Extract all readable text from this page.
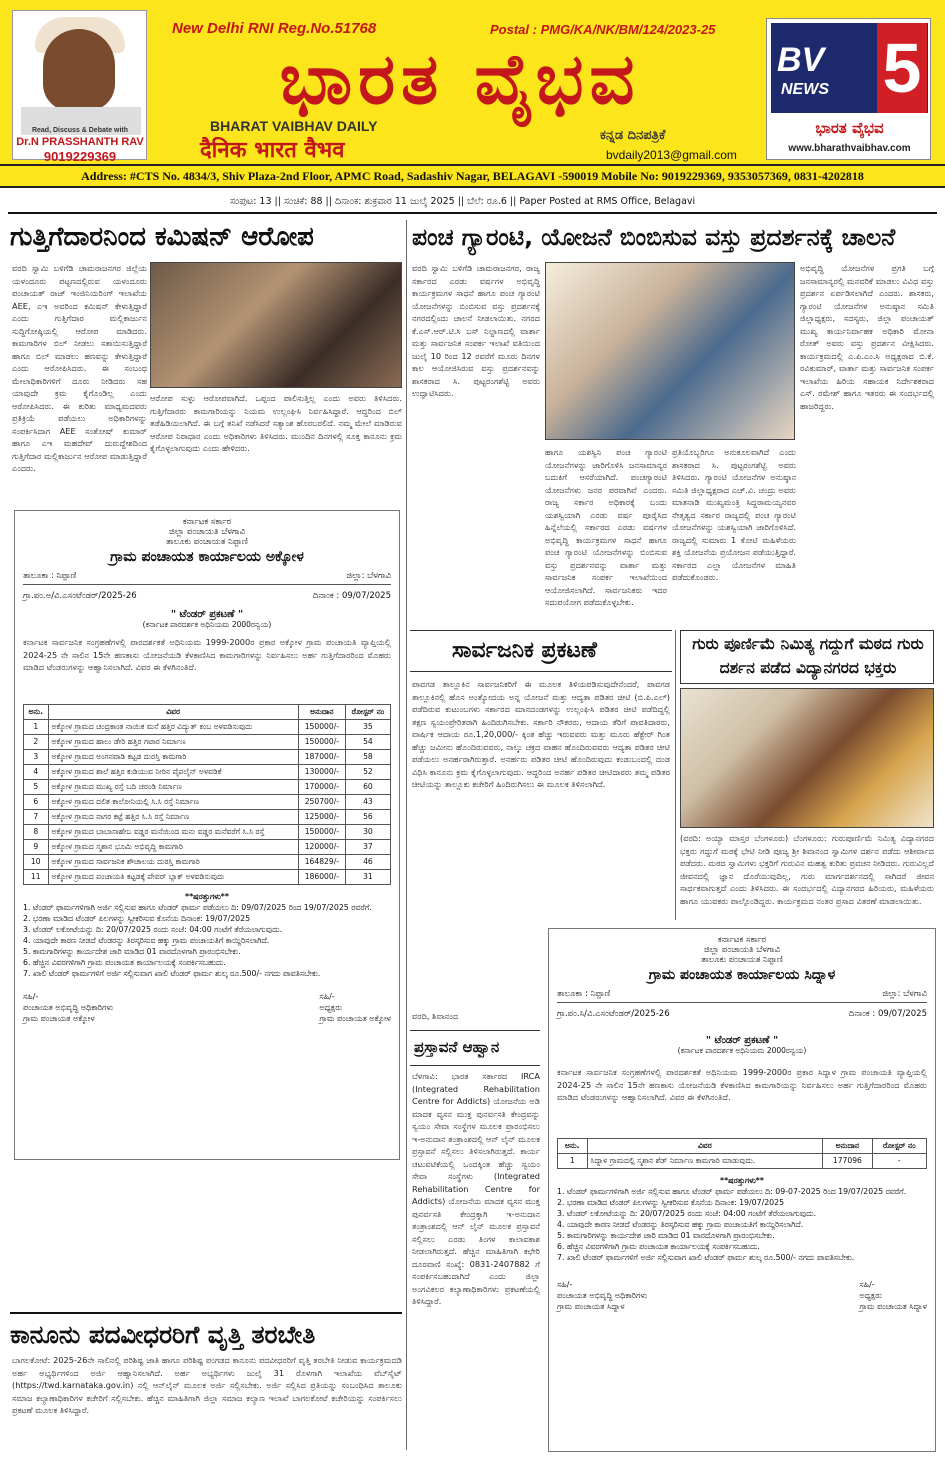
Read, Discuss & Debate with
Dr.N PRASSHANTH RAV
9019229369
New Delhi RNI Reg.No.51768	Postal : PMG/KA/NK/BM/124/2023-25
ಭಾರತ ವೈಭವ
BHARAT VAIBHAV DAILY
दैनिक भारत वैभव
ಕನ್ನಡ ದಿನಪತ್ರಿಕೆ
bvdaily2013@gmail.com
BV
NEWS 5
ಭಾರತ ವೈಭವ
www.bharathvaibhav.com
Address: #CTS No. 4834/3, Shiv Plaza-2nd Floor, APMC Road, Sadashiv Nagar, BELAGAVI -590019 Mobile No: 9019229369, 9353057369, 0831-4202818
ಸಂಪುಟ: 13 || ಸಂಚಿಕೆ: 88 || ದಿನಾಂಕ: ಶುಕ್ರವಾರ 11 ಜುಲೈ 2025 || ಬೆಲೆ: ರೂ.6 || Paper Posted at RMS Office, Belagavi
ಗುತ್ತಿಗೆದಾರನಿಂದ ಕಮಿಷನ್ ಆರೋಪ
ವರದಿ ಸ್ವಾಮಿ ಬಳಿಗೆಡಿ ಚಾಮರಾಜನಗರ ಜಿಲ್ಲೆಯ ಯಳಂದೂರು ಪಟ್ಟಣದಲ್ಲಿರುವ ಯಳಂದೂರು ಪಂಚಾಯತ್ ರಾಜ್ ಇಂಜಿನಿಯರಿಂಗ್ ಇಲಾಖೆಯ AEE, ಎಇ ಅವರಿಂದ ಕಮಿಷನ್ ಕೇಳುತ್ತಿದ್ದಾರೆ ಎಂದು ಗುತ್ತಿಗೆದಾರ ಮಲ್ಲಿಕಾರ್ಜುನ ಸುದ್ದಿಗೋಷ್ಠಿಯಲ್ಲಿ ಆರೋಪ ಮಾಡಿದರು. ಕಾಮಗಾರಿಗಳ ಬಿಲ್ ನೀಡಲು ಸತಾಯಿಸುತ್ತಿದ್ದಾರೆ ಹಾಗೂ ಬಿಲ್ ಮಾಡಲು ಹಣವನ್ನು ಕೇಳುತ್ತಿದ್ದಾರೆ ಎಂದು ಆರೋಪಿಸಿದರು. ಈ ಸಂಬಂಧ ಮೇಲಾಧಿಕಾರಿಗಳಿಗೆ ದೂರು ನೀಡಿದರು ಸಹ ಯಾವುದೇ ಕ್ರಮ ಕೈಗೊಂಡಿಲ್ಲ ಎಂದು ಆರೋಪಿಸಿದರು. ಈ ಕುರಿತು ಮಾಧ್ಯಮದವರು ಪ್ರತಿಕ್ರಿಯೆ ಪಡೆಯಲು ಅಧಿಕಾರಿಗಳನ್ನು ಸಂಪರ್ಕಿಸಿದಾಗ AEE ಸಂತೋಷ್ ಕುಮಾರ್ ಹಾಗೂ ಎಇ ಮಹದೇವ್ ದುರುದ್ದೇಶದಿಂದ ಗುತ್ತಿಗೆದಾರ ಮಲ್ಲಿಕಾರ್ಜುನ ಆರೋಪ ಮಾಡುತ್ತಿದ್ದಾರೆ ಎಂದರು.
ಆರೋಪ ಸುಳ್ಳು ಆರೋಪವಾಗಿದೆ. ಒಪ್ಪಂದ ಪಾಲಿಸುತ್ತಿಲ್ಲ ಎಂದು ಅವರು ತಿಳಿಸಿದರು. ಗುತ್ತಿಗೆದಾರರು ಕಾಮಗಾರಿಯನ್ನು ನಿಯಮ ಉಲ್ಲಂಘಿಸಿ ನಿರ್ವಹಿಸಿದ್ದಾರೆ. ಆದ್ದರಿಂದ ಬಿಲ್ ತಡೆಹಿಡಿಯಲಾಗಿದೆ. ಈ ಬಗ್ಗೆ ತನಿಖೆ ನಡೆಸಿದರೆ ಸತ್ಯಾಂಶ ಹೊರಬರಲಿದೆ. ನಮ್ಮ ಮೇಲೆ ಮಾಡಿರುವ ಆರೋಪ ನಿರಾಧಾರ ಎಂದು ಅಧಿಕಾರಿಗಳು ತಿಳಿಸಿದರು. ಮುಂದಿನ ದಿನಗಳಲ್ಲಿ ಸೂಕ್ತ ಕಾನೂನು ಕ್ರಮ ಕೈಗೊಳ್ಳಲಾಗುವುದು ಎಂದು ಹೇಳಿದರು.
ಪಂಚ ಗ್ಯಾರಂಟಿ, ಯೋಜನೆ ಬಿಂಬಿಸುವ ವಸ್ತು ಪ್ರದರ್ಶನಕ್ಕೆ ಚಾಲನೆ
ವರದಿ ಸ್ವಾಮಿ ಬಳಿಗೆಡಿ ಚಾಮರಾಜನಗರ, ರಾಜ್ಯ ಸರ್ಕಾರದ ಎರಡು ವರ್ಷಗಳ ಅಭಿವೃದ್ಧಿ ಕಾರ್ಯಕ್ರಮಗಳ ಸಾಧನೆ ಹಾಗೂ ಪಂಚ ಗ್ಯಾರಂಟಿ ಯೋಜನೆಗಳನ್ನು ಬಿಂಬಿಸುವ ವಸ್ತು ಪ್ರದರ್ಶನಕ್ಕೆ ನಗರದಲ್ಲಿಂದು ಚಾಲನೆ ನೀಡಲಾಯಿತು. ನಗರದ ಕೆ.ಎಸ್.ಆರ್.ಟಿ.ಸಿ ಬಸ್ ನಿಲ್ದಾಣದಲ್ಲಿ ವಾರ್ತಾ ಮತ್ತು ಸಾರ್ವಜನಿಕ ಸಂಪರ್ಕ ಇಲಾಖೆ ವತಿಯಿಂದ ಜುಲೈ 10 ರಿಂದ 12 ರವರೆಗೆ ಮೂರು ದಿನಗಳ ಕಾಲ ಆಯೋಜಿಸಿರುವ ವಸ್ತು ಪ್ರದರ್ಶನವನ್ನು ಶಾಸಕರಾದ ಸಿ. ಪುಟ್ಟರಂಗಶೆಟ್ಟಿ ಅವರು ಉದ್ಘಾಟಿಸಿದರು.
ಹಾಗೂ ಯಶಸ್ವಿನಿ ಪಂಚ ಗ್ಯಾರಂಟಿ ಯೋಜನೆಗಳನ್ನು ಜಾರಿಗೊಳಿಸಿ ಜನಸಾಮಾನ್ಯರ ಬದುಕಿಗೆ ಆಸರೆಯಾಗಿದೆ. ಪಂಚಗ್ಯಾರಂಟಿ ಯೋಜನೆಗಳು ಜನರ ಪರವಾಗಿವೆ ಎಂದರು. ರಾಜ್ಯ ಸರ್ಕಾರ ಅಧಿಕಾರಕ್ಕೆ ಬಂದು ಯಶಸ್ವಿಯಾಗಿ ಎರಡು ವರ್ಷ ಪೂರೈಸಿದ ಹಿನ್ನೆಲೆಯಲ್ಲಿ ಸರ್ಕಾರದ ಎರಡು ವರ್ಷಗಳ ಅಭಿವೃದ್ಧಿ ಕಾರ್ಯಕ್ರಮಗಳ ಸಾಧನೆ ಹಾಗೂ ಪಂಚ ಗ್ಯಾರಂಟಿ ಯೋಜನೆಗಳನ್ನು ಬಿಂಬಿಸುವ ವಸ್ತು ಪ್ರದರ್ಶನವನ್ನು ವಾರ್ತಾ ಮತ್ತು ಸಾರ್ವಜನಿಕ ಸಂಪರ್ಕ ಇಲಾಖೆಯಿಂದ ಆಯೋಜಿಸಲಾಗಿದೆ. ಸಾರ್ವಜನಿಕರು ಇದರ ಸದುಪಯೋಗ ಪಡೆದುಕೊಳ್ಳಬೇಕು.
ಪ್ರತಿಯೊಬ್ಬರಿಗೂ ಅನುಕೂಲವಾಗಿದೆ ಎಂದು ಶಾಸಕರಾದ ಸಿ. ಪುಟ್ಟರಂಗಶೆಟ್ಟಿ ಅವರು ತಿಳಿಸಿದರು. ಗ್ಯಾರಂಟಿ ಯೋಜನೆಗಳ ಅನುಷ್ಠಾನ ಸಮಿತಿ ಜಿಲ್ಲಾಧ್ಯಕ್ಷರಾದ ಎಚ್.ವಿ. ಚಂದ್ರು ಅವರು ಮಾತನಾಡಿ ಮುಖ್ಯಮಂತ್ರಿ ಸಿದ್ದರಾಮಯ್ಯನವರ ನೇತೃತ್ವದ ಸರ್ಕಾರ ರಾಜ್ಯದಲ್ಲಿ ಪಂಚ ಗ್ಯಾರಂಟಿ ಯೋಜನೆಗಳನ್ನು ಯಶಸ್ವಿಯಾಗಿ ಜಾರಿಗೊಳಿಸಿದೆ. ರಾಜ್ಯದಲ್ಲಿ ಸುಮಾರು 1 ಕೋಟಿ ಮಹಿಳೆಯರು ಶಕ್ತಿ ಯೋಜನೆಯ ಪ್ರಯೋಜನ ಪಡೆಯುತ್ತಿದ್ದಾರೆ. ಸರ್ಕಾರದ ಎಲ್ಲಾ ಯೋಜನೆಗಳ ಮಾಹಿತಿ ಪಡೆದುಕೊಂಡರು.
ಅಭಿವೃದ್ಧಿ ಯೋಜನೆಗಳ ಪ್ರಗತಿ ಬಗ್ಗೆ ಜನಸಾಮಾನ್ಯರಲ್ಲಿ ಮನವರಿಕೆ ಮಾಡಲು ವಿವಿಧ ವಸ್ತು ಪ್ರದರ್ಶನ ಏರ್ಪಡಿಸಲಾಗಿದೆ ಎಂದರು. ಶಾಸಕರು, ಗ್ಯಾರಂಟಿ ಯೋಜನೆಗಳ ಅನುಷ್ಠಾನ ಸಮಿತಿ ಜಿಲ್ಲಾಧ್ಯಕ್ಷರು, ಸದಸ್ಯರು, ಜಿಲ್ಲಾ ಪಂಚಾಯತ್ ಮುಖ್ಯ ಕಾರ್ಯನಿರ್ವಾಹಕ ಅಧಿಕಾರಿ ಮೋನಾ ರೋತ್ ಅವರು ವಸ್ತು ಪ್ರದರ್ಶನ ವೀಕ್ಷಿಸಿದರು. ಕಾರ್ಯಕ್ರಮದಲ್ಲಿ ಎ.ಪಿ.ಎಂ.ಸಿ ಅಧ್ಯಕ್ಷರಾದ ಬಿ.ಕೆ. ರವಿಕುಮಾರ್, ವಾರ್ತಾ ಮತ್ತು ಸಾರ್ವಜನಿಕ ಸಂಪರ್ಕ ಇಲಾಖೆಯ ಹಿರಿಯ ಸಹಾಯಕ ನಿರ್ದೇಶಕರಾದ ಎಸ್. ರಮೇಶ್ ಹಾಗೂ ಇತರರು ಈ ಸಂದರ್ಭದಲ್ಲಿ ಹಾಜರಿದ್ದರು.
ಕರ್ನಾಟಕ ಸರ್ಕಾರ
ಜಿಲ್ಲಾ ಪಂಚಾಯತಿ ಬೆಳಗಾವಿ
ತಾಲೂಕು ಪಂಚಾಯತ ನಿಪ್ಪಾಣಿ
ಗ್ರಾಮ ಪಂಚಾಯತ ಕಾರ್ಯಾಲಯ ಅಕ್ಕೋಳ
ತಾಲೂಕಾ : ನಿಪ್ಪಾಣಿ	ಜಿಲ್ಲಾ: ಬೆಳಗಾವಿ
ಗ್ರಾ.ಪಂ.ಅ/ವಿ.ಎಸಂಟೆಂಡರ್/2025-26	ದಿನಾಂಕ : 09/07/2025
" ಟೆಂಡರ್ ಪ್ರಕಟಣೆ "
(ಕರ್ನಾಟಕ ಪಾರದರ್ಶಕ ಅಧಿನಿಯಮ 2000ರನ್ವಯ)
ಕರ್ನಾಟಕ ಸಾರ್ವಜನಿಕ ಸಂಗ್ರಹಣೆಗಳಲ್ಲಿ ಪಾರದರ್ಶಕತೆ ಅಧಿನಿಯಮ 1999-2000ರ ಪ್ರಕಾರ ಅಕ್ಕೋಳ ಗ್ರಾಮ ಪಂಚಾಯತಿ ವ್ಯಾಪ್ತಿಯಲ್ಲಿ 2024-25 ನೇ ಸಾಲಿನ 15ನೇ ಹಣಕಾಸು ಯೋಜನೆಯಡಿ ಕೆಳಕಾಣಿಸಿದ ಕಾಮಗಾರಿಗಳನ್ನು ನಿರ್ವಹಿಸಲು ಅರ್ಹ ಗುತ್ತಿಗೆದಾರರಿಂದ ಮೊಹರು ಮಾಡಿದ ಟೆಂಡರುಗಳನ್ನು ಆಹ್ವಾನಿಸಲಾಗಿದೆ. ವಿವರ ಈ ಕೆಳಗಿನಂತಿದೆ.
ಅನು.	ವಿವರ	ಅನುದಾನ	ರೋಸ್ಟರ್ ನಂ
1	ಅಕ್ಕೋಳ ಗ್ರಾಮದ ಚಂದ್ರಕಾಂತ ನಾಯಿಕ ಮನೆ ಹತ್ತಿರ ವಿದ್ಯುತ್ ಕಂಬ ಅಳವಡಿಸುವುದು	150000/-	35
2	ಅಕ್ಕೋಳ ಗ್ರಾಮದ ಹಾಲು ಡೇರಿ ಹತ್ತಿರ ಗಟಾರ ನಿರ್ಮಾಣ	150000/-	54
3	ಅಕ್ಕೋಳ ಗ್ರಾಮದ ಅಂಗನವಾಡಿ ಕಟ್ಟಡ ದುರಸ್ತಿ ಕಾಮಗಾರಿ	187000/-	58
4	ಅಕ್ಕೋಳ ಗ್ರಾಮದ ಶಾಲೆ ಹತ್ತಿರ ಕುಡಿಯುವ ನೀರಿನ ಪೈಪಲೈನ್ ಅಳವಡಿಕೆ	130000/-	52
5	ಅಕ್ಕೋಳ ಗ್ರಾಮದ ಮುಖ್ಯ ರಸ್ತೆ ಬದಿ ಚರಂಡಿ ನಿರ್ಮಾಣ	170000/-	60
6	ಅಕ್ಕೋಳ ಗ್ರಾಮದ ದಲಿತ ಕಾಲೋನಿಯಲ್ಲಿ ಸಿ.ಸಿ ರಸ್ತೆ ನಿರ್ಮಾಣ	250700/-	43
7	ಅಕ್ಕೋಳ ಗ್ರಾಮದ ನಾಗರ ಕಟ್ಟೆ ಹತ್ತಿರ ಸಿ.ಸಿ ರಸ್ತೆ ನಿರ್ಮಾಣ	125000/-	56
8	ಅಕ್ಕೋಳ ಗ್ರಾಮದ ಬಾಬಾಸಾಹೇಬ ವಡ್ಡರ ಮನೆಯಿಂದ ಮನು ವಡ್ಡರ ಮನೆವರೆಗೆ ಸಿ.ಸಿ ರಸ್ತೆ	150000/-	30
9	ಅಕ್ಕೋಳ ಗ್ರಾಮದ ಸ್ಮಶಾನ ಭೂಮಿ ಅಭಿವೃದ್ಧಿ ಕಾಮಗಾರಿ	120000/-	37
10	ಅಕ್ಕೋಳ ಗ್ರಾಮದ ಸಾರ್ವಜನಿಕ ಶೌಚಾಲಯ ದುರಸ್ತಿ ಕಾಮಗಾರಿ	164829/-	46
11	ಅಕ್ಕೋಳ ಗ್ರಾಮದ ಪಂಚಾಯತಿ ಕಟ್ಟಡಕ್ಕೆ ಪೇವರ್ ಬ್ಲಾಕ್ ಅಳವಡಿಸುವುದು	186000/-	31
**ಷರತ್ತುಗಳು**
1. ಟೆಂಡರ್ ಫಾರ್ಮಗಳಿಗಾಗಿ ಅರ್ಜಿ ಸಲ್ಲಿಸುವ ಹಾಗೂ ಟೆಂಡರ್ ಫಾರ್ಮ ಪಡೆಯಲು ದಿ: 09/07/2025 ರಿಂದ 19/07/2025 ರವರೆಗೆ.
2. ಭರಣಾ ಮಾಡಿದ ಟೆಂಡರ್ ಪಿಲಗಳನ್ನು ಸ್ವೀಕರಿಸುವ ಕೊನೆಯ ದಿನಾಂಕ: 19/07/2025
3. ಟೆಂಡರ್ ಲಕೋಟೆಯನ್ನು ದಿ: 20/07/2025 ರಂದು ಸಂಜೆ: 04:00 ಗಂಟೆಗೆ ತೆರೆಯಲಾಗುವುದು.
4. ಯಾವುದೇ ಕಾರಣ ನೀಡದೆ ಟೆಂಡರನ್ನು ತಿರಸ್ಕರಿಸುವ ಹಕ್ಕು ಗ್ರಾಮ ಪಂಚಾಯತಿಗೆ ಕಾಯ್ದಿರಿಸಲಾಗಿದೆ.
5. ಕಾಮಗಾರಿಗಳನ್ನು ಕಾರ್ಯದೇಶ ಜಾರಿ ಮಾಡಿದ 01 ವಾರದೊಳಗಾಗಿ ಪ್ರಾರಂಭಿಸಬೇಕು.
6. ಹೆಚ್ಚಿನ ವಿವರಗಳಿಗಾಗಿ ಗ್ರಾಮ ಪಂಚಾಯತ ಕಾರ್ಯಾಲಯಕ್ಕೆ ಸಂಪರ್ಕಿಸಬಹುದು.
7. ಖಾಲಿ ಟೆಂಡರ್ ಫಾರ್ಮಗಳಿಗೆ ಅರ್ಜಿ ಸಲ್ಲಿಸುವಾಗ ಖಾಲಿ ಟೆಂಡರ್ ಫಾರ್ಮ ಶುಲ್ಕ ರೂ.500/- ನಗದು ಪಾವತಿಸಬೇಕು.
ಸಹಿ/-
ಪಂಚಾಯತ ಅಭಿವೃದ್ಧಿ ಅಧಿಕಾರಿಗಳು
ಗ್ರಾಮ ಪಂಚಾಯತ ಅಕ್ಕೋಳ
ಸಹಿ/-
ಅಧ್ಯಕ್ಷರು
ಗ್ರಾಮ ಪಂಚಾಯತ ಅಕ್ಕೋಳ
ಕಾನೂನು ಪದವೀಧರರಿಗೆ ವೃತ್ತಿ ತರಬೇತಿ
ಬಾಗಲಕೋಟೆ: 2025-26ನೇ ಸಾಲಿನಲ್ಲಿ ಪರಿಶಿಷ್ಟ ಜಾತಿ ಹಾಗೂ ಪರಿಶಿಷ್ಟ ಪಂಗಡದ ಕಾನೂನು ಪದವೀಧರರಿಗೆ ವೃತ್ತಿ ತರಬೇತಿ ನೀಡುವ ಕಾರ್ಯಕ್ರಮದಡಿ ಅರ್ಹ ಅಭ್ಯರ್ಥಿಗಳಿಂದ ಅರ್ಜಿ ಆಹ್ವಾನಿಸಲಾಗಿದೆ. ಅರ್ಹ ಅಭ್ಯರ್ಥಿಗಳು ಜುಲೈ 31 ರೊಳಗಾಗಿ ಇಲಾಖೆಯ ವೆಬ್‌ಸೈಟ್ (https://twd.karnataka.gov.in) ನಲ್ಲಿ ಆನ್‌ಲೈನ್ ಮೂಲಕ ಅರ್ಜಿ ಸಲ್ಲಿಸಬೇಕು. ಅರ್ಜಿ ಸಲ್ಲಿಸಿದ ಪ್ರತಿಯನ್ನು ಸಂಬಂಧಿಸಿದ ತಾಲೂಕು ಸಮಾಜ ಕಲ್ಯಾಣಾಧಿಕಾರಿಗಳ ಕಚೇರಿಗೆ ಸಲ್ಲಿಸಬೇಕು. ಹೆಚ್ಚಿನ ಮಾಹಿತಿಗಾಗಿ ಜಿಲ್ಲಾ ಸಮಾಜ ಕಲ್ಯಾಣ ಇಲಾಖೆ ಬಾಗಲಕೋಟೆ ಕಚೇರಿಯನ್ನು ಸಂಪರ್ಕಿಸಲು ಪ್ರಕಟಣೆ ಮೂಲಕ ತಿಳಿಸಿದ್ದಾರೆ.
ಸಾರ್ವಜನಿಕ ಪ್ರಕಟಣೆ
ಪಾವಗಡ ತಾಲ್ಲೂಕಿನ ಸಾರ್ವಜನಿಕರಿಗೆ ಈ ಮೂಲಕ ತಿಳಿಯಪಡಿಸುವುದೇನೆಂದರೆ, ಪಾವಗಡ ತಾಲ್ಲೂಕಿನಲ್ಲಿ ಹೊಸ ಅಂತ್ಯೋದಯ ಅನ್ನ ಯೋಜನೆ ಮತ್ತು ಆದ್ಯತಾ ಪಡಿತರ ಚೀಟಿ (ಬಿ.ಪಿ.ಎಲ್) ಪಡೆದಿರುವ ಕುಟುಂಬಗಳು ಸರ್ಕಾರದ ಮಾನದಂಡಗಳನ್ನು ಉಲ್ಲಂಘಿಸಿ ಪಡಿತರ ಚೀಟಿ ಪಡೆದಿದ್ದಲ್ಲಿ ತಕ್ಷಣ ಸ್ವಯಂಪ್ರೇರಿತರಾಗಿ ಹಿಂದಿರುಗಿಸಬೇಕು. ಸರ್ಕಾರಿ ನೌಕರರು, ಆದಾಯ ತೆರಿಗೆ ಪಾವತಿದಾರರು, ವಾರ್ಷಿಕ ಆದಾಯ ರೂ.1,20,000/- ಕ್ಕಿಂತ ಹೆಚ್ಚು ಇರುವವರು ಮತ್ತು ಮೂರು ಹೆಕ್ಟೇರ್ ಗಿಂತ ಹೆಚ್ಚು ಜಮೀನು ಹೊಂದಿರುವವರು, ನಾಲ್ಕು ಚಕ್ರದ ವಾಹನ ಹೊಂದಿರುವವರು ಆದ್ಯತಾ ಪಡಿತರ ಚೀಟಿ ಪಡೆಯಲು ಅನರ್ಹರಾಗಿರುತ್ತಾರೆ. ಅನರ್ಹರು ಪಡಿತರ ಚೀಟಿ ಹೊಂದಿರುವುದು ಕಂಡುಬಂದಲ್ಲಿ ದಂಡ ವಿಧಿಸಿ ಕಾನೂನು ಕ್ರಮ ಕೈಗೊಳ್ಳಲಾಗುವುದು. ಆದ್ದರಿಂದ ಅನರ್ಹ ಪಡಿತರ ಚೀಟಿದಾರರು ತಮ್ಮ ಪಡಿತರ ಚೀಟಿಯನ್ನು ತಾಲ್ಲೂಕು ಕಚೇರಿಗೆ ಹಿಂದಿರುಗಿಸಲು ಈ ಮೂಲಕ ತಿಳಿಸಲಾಗಿದೆ.
ವರದಿ, ಶಿವಾನಂದ
ಗುರು ಪೂರ್ಣಿಮೆ ನಿಮಿತ್ಯ ಗದ್ದುಗೆ ಮಠದ ಗುರು ದರ್ಶನ ಪಡೆದ ವಿದ್ಯಾನಗರದ ಭಕ್ತರು
(ವರದಿ: ಅಯ್ಯಾ ಮಾಸ್ತರ ಬೆಂಗಳೂರು) ಬೆಂಗಳೂರು: ಗುರುಪೂರ್ಣಿಮೆ ನಿಮಿತ್ಯ ವಿದ್ಯಾನಗರದ ಭಕ್ತರು ಗದ್ದುಗೆ ಮಠಕ್ಕೆ ಭೇಟಿ ನೀಡಿ ಪೂಜ್ಯ ಶ್ರೀ ಶಿವಾನಂದ ಸ್ವಾಮಿಗಳ ದರ್ಶನ ಪಡೆದು ಆಶೀರ್ವಾದ ಪಡೆದರು. ಮಠದ ಸ್ವಾಮಿಗಳು ಭಕ್ತರಿಗೆ ಗುರುವಿನ ಮಹತ್ವ ಕುರಿತು ಪ್ರವಚನ ನೀಡಿದರು. ಗುರುವಿಲ್ಲದೆ ಜೀವನದಲ್ಲಿ ಜ್ಞಾನ ದೊರೆಯುವುದಿಲ್ಲ, ಗುರು ಮಾರ್ಗದರ್ಶನದಲ್ಲಿ ಸಾಗಿದರೆ ಜೀವನ ಸಾರ್ಥಕವಾಗುತ್ತದೆ ಎಂದು ತಿಳಿಸಿದರು. ಈ ಸಂದರ್ಭದಲ್ಲಿ ವಿದ್ಯಾನಗರದ ಹಿರಿಯರು, ಮಹಿಳೆಯರು ಹಾಗೂ ಯುವಕರು ಪಾಲ್ಗೊಂಡಿದ್ದರು. ಕಾರ್ಯಕ್ರಮದ ನಂತರ ಪ್ರಸಾದ ವಿತರಣೆ ಮಾಡಲಾಯಿತು.
ಪ್ರಸ್ತಾವನೆ ಆಹ್ವಾನ
ಬೆಳಗಾವಿ: ಭಾರತ ಸರ್ಕಾರದ IRCA (Integrated Rehabilitation Centre for Addicts) ಯೋಜನೆಯ ಅಡಿ ಮಾದಕ ವ್ಯಸನ ಮುಕ್ತ ಪುನರ್ವಸತಿ ಕೇಂದ್ರವನ್ನು ಸ್ವಯಂ ಸೇವಾ ಸಂಸ್ಥೆಗಳ ಮೂಲಕ ಪ್ರಾರಂಭಿಸಲು ಇ-ಅನುದಾನ ತಂತ್ರಾಂಶದಲ್ಲಿ ಆನ್ ಲೈನ್ ಮೂಲಕ ಪ್ರಸ್ತಾವನೆ ಸಲ್ಲಿಸಲು ತಿಳಿಸಲಾಗಿರುತ್ತದೆ. ಕಾರ್ಯ ಚಟುವಟಿಕೆಯಲ್ಲಿ ಒಂದಕ್ಕಿಂತ ಹೆಚ್ಚು ಸ್ವಯಂ ಸೇವಾ ಸಂಸ್ಥೆಗಳು (Integrated Rehabilitation Centre for Addicts) ಯೋಜನೆಯ ಮಾದಕ ವ್ಯಸನ ಮುಕ್ತ ಪುನರ್ವಸತಿ ಕೇಂದ್ರಕ್ಕಾಗಿ ಇ-ಅನುದಾನ ತಂತ್ರಾಂಶದಲ್ಲಿ ಆನ್ ಲೈನ್ ಮೂಲಕ ಪ್ರಸ್ತಾವನೆ ಸಲ್ಲಿಸಲು ಎರಡು ತಿಂಗಳ ಕಾಲಾವಕಾಶ ನೀಡಲಾಗಿರುತ್ತದೆ. ಹೆಚ್ಚಿನ ಮಾಹಿತಿಗಾಗಿ ಕಛೇರಿ ದೂರವಾಣಿ ಸಂಖ್ಯೆ: 0831-2407882 ಗೆ ಸಂಪರ್ಕಿಸಬಹುದಾಗಿದೆ ಎಂದು ಜಿಲ್ಲಾ ಅಂಗವಿಕಲರ ಕಲ್ಯಾಣಾಧಿಕಾರಿಗಳು ಪ್ರಕಟಣೆಯಲ್ಲಿ ತಿಳಿಸಿದ್ದಾರೆ.
ಕರ್ನಾಟಕ ಸರ್ಕಾರ
ಜಿಲ್ಲಾ ಪಂಚಾಯತಿ ಬೆಳಗಾವಿ
ತಾಲೂಕು ಪಂಚಾಯತ ನಿಪ್ಪಾಣಿ
ಗ್ರಾಮ ಪಂಚಾಯತ ಕಾರ್ಯಾಲಯ ಸಿದ್ನಾಳ
ತಾಲೂಕಾ : ನಿಪ್ಪಾಣಿ	ಜಿಲ್ಲಾ: ಬೆಳಗಾವಿ
ಗ್ರಾ.ಪಂ.ಸಿ/ವಿ.ಎಸಂಟೆಂಡರ್/2025-26	ದಿನಾಂಕ : 09/07/2025
" ಟೆಂಡರ್ ಪ್ರಕಟಣೆ "
(ಕರ್ನಾಟಕ ಪಾರದರ್ಶಕ ಅಧಿನಿಯಮ 2000ರನ್ವಯ)
ಕರ್ನಾಟಕ ಸಾರ್ವಜನಿಕ ಸಂಗ್ರಹಣೆಗಳಲ್ಲಿ ಪಾರದರ್ಶಕತೆ ಅಧಿನಿಯಮ 1999-2000ರ ಪ್ರಕಾರ ಸಿದ್ನಾಳ ಗ್ರಾಮ ಪಂಚಾಯತಿ ವ್ಯಾಪ್ತಿಯಲ್ಲಿ 2024-25 ನೇ ಸಾಲಿನ 15ನೇ ಹಣಕಾಸು ಯೋಜನೆಯಡಿ ಕೆಳಕಾಣಿಸಿದ ಕಾಮಗಾರಿಯನ್ನು ನಿರ್ವಹಿಸಲು ಅರ್ಹ ಗುತ್ತಿಗೆದಾರರಿಂದ ಮೊಹರು ಮಾಡಿದ ಟೆಂಡರುಗಳನ್ನು ಆಹ್ವಾನಿಸಲಾಗಿದೆ. ವಿವರ ಈ ಕೆಳಗಿನಂತಿದೆ.
ಅನು.	ವಿವರ	ಅನುದಾನ	ರೋಸ್ಟರ್ ನಂ
1	ಸಿದ್ನಾಳ ಗ್ರಾಮದಲ್ಲಿ ಸ್ಮಶಾನ ಶೆಡ್ ನಿರ್ಮಾಣ ಕಾಮಗಾರಿ ಮಾಡುವುದು.	177096	-
**ಷರತ್ತುಗಳು**
1. ಟೆಂಡರ್ ಫಾರ್ಮಗಳಿಗಾಗಿ ಅರ್ಜಿ ಸಲ್ಲಿಸುವ ಹಾಗೂ ಟೆಂಡರ್ ಫಾರ್ಮ ಪಡೆಯಲು ದಿ: 09-07-2025 ರಿಂದ 19/07/2025 ರವರೆಗೆ.
2. ಭರಣಾ ಮಾಡಿದ ಟೆಂಡರ್ ಪಿಲಗಳನ್ನು ಸ್ವೀಕರಿಸುವ ಕೊನೆಯ ದಿನಾಂಕ: 19/07/2025
3. ಟೆಂಡರ್ ಲಕೋಟೆಯನ್ನು ದಿ: 20/07/2025 ರಂದು ಸಂಜೆ: 04:00 ಗಂಟೆಗೆ ತೆರೆಯಲಾಗುವುದು.
4. ಯಾವುದೇ ಕಾರಣ ನೀಡದೆ ಟೆಂಡರನ್ನು ತಿರಸ್ಕರಿಸುವ ಹಕ್ಕು ಗ್ರಾಮ ಪಂಚಾಯತಿಗೆ ಕಾಯ್ದಿರಿಸಲಾಗಿದೆ.
5. ಕಾಮಗಾರಿಗಳನ್ನು ಕಾರ್ಯದೇಶ ಜಾರಿ ಮಾಡಿದ 01 ವಾರದೊಳಗಾಗಿ ಪ್ರಾರಂಭಿಸಬೇಕು.
6. ಹೆಚ್ಚಿನ ವಿವರಗಳಿಗಾಗಿ ಗ್ರಾಮ ಪಂಚಾಯತ ಕಾರ್ಯಾಲಯಕ್ಕೆ ಸಂಪರ್ಕಿಸಬಹುದು.
7. ಖಾಲಿ ಟೆಂಡರ್ ಫಾರ್ಮಗಳಿಗೆ ಅರ್ಜಿ ಸಲ್ಲಿಸುವಾಗ ಖಾಲಿ ಟೆಂಡರ್ ಫಾರ್ಮ ಶುಲ್ಕ ರೂ.500/- ನಗದು ಪಾವತಿಸಬೇಕು.
ಸಹಿ/-
ಪಂಚಾಯತ ಅಭಿವೃದ್ಧಿ ಅಧಿಕಾರಿಗಳು
ಗ್ರಾಮ ಪಂಚಾಯತ ಸಿದ್ನಾಳ
ಸಹಿ/-
ಅಧ್ಯಕ್ಷರು
ಗ್ರಾಮ ಪಂಚಾಯತ ಸಿದ್ನಾಳ
